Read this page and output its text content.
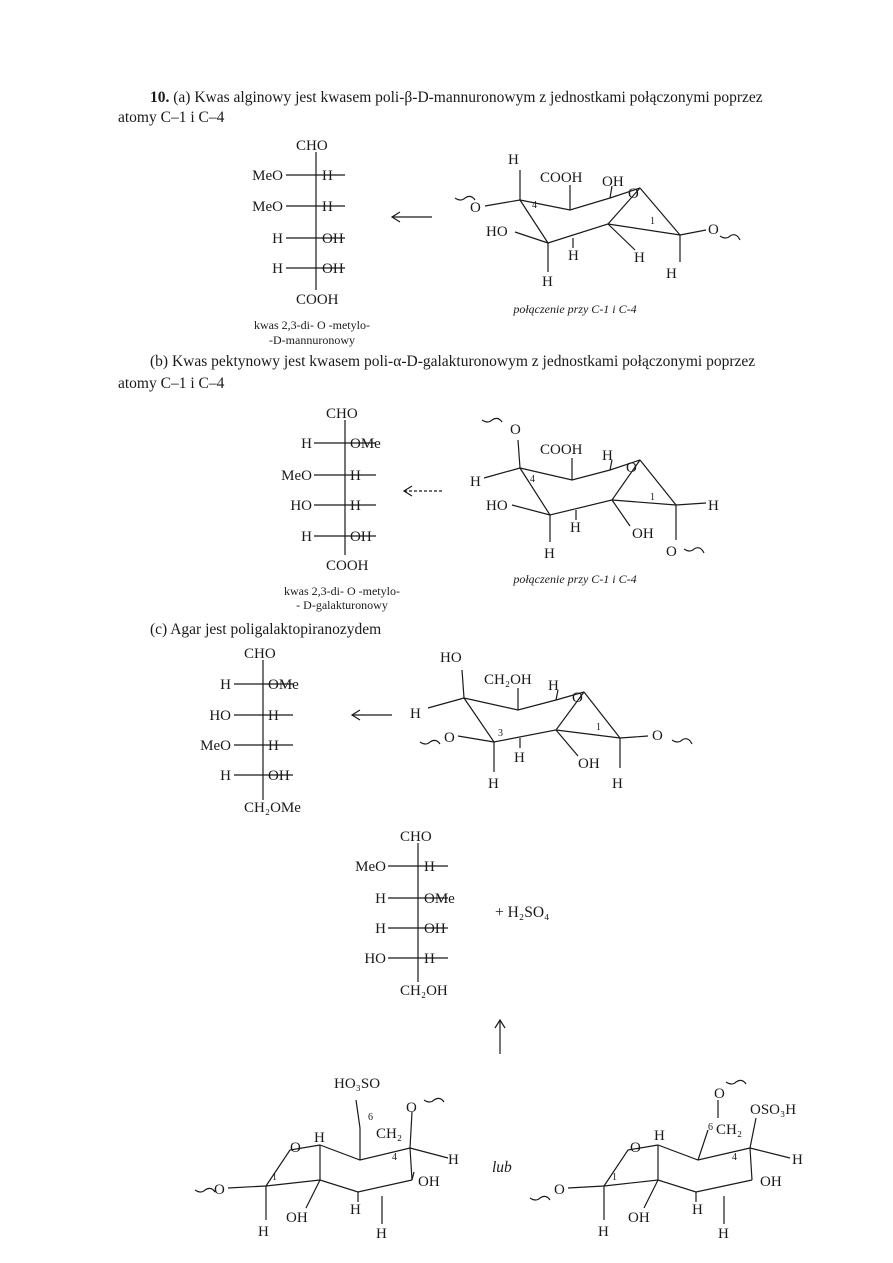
10. (a) Kwas alginowy jest kwasem poli-β-D-mannuronowym z jednostkami połączonymi poprzez
atomy C–1 i C–4
(b) Kwas pektynowy jest kwasem poli-α-D-galakturonowym z jednostkami połączonymi poprzez
atomy C–1 i C–4
(c) Agar jest poligalaktopiranozydem
kwas 2,3-di- O -metylo-
-D-mannuronowy
połączenie przy C-1 i C-4
kwas 2,3-di- O -metylo-
- D-galakturonowy
połączenie przy C-1 i C-4
lub
+ H₂SO₄
CHO
MeO	H
MeO	H
H	OH
H	OH
COOH
CHO
H	OMe
MeO	H
HO	H
H	OH
COOH
CHO
H OMe
HO H
MeO H
H OH
CH₂OMe
CHO
MeO	H
H	OMe
H	OH
HO	H
CH₂OH
H
COOH OH
O
O
HO	O
H	H
H	H
4
1
O
COOH H
O
H
HO	H
H	OH
H	O
4
1
HO
CH₂OH H
O
H
O	O
H	OH
H	H
3
1
HO₃SO
6
CH₂
O
O
H
4	H
OH
O
1
OH	H
H	H
O
OSO₃H
6 CH₂
O
H
4	H
OH
O
1
OH	H
H	H
